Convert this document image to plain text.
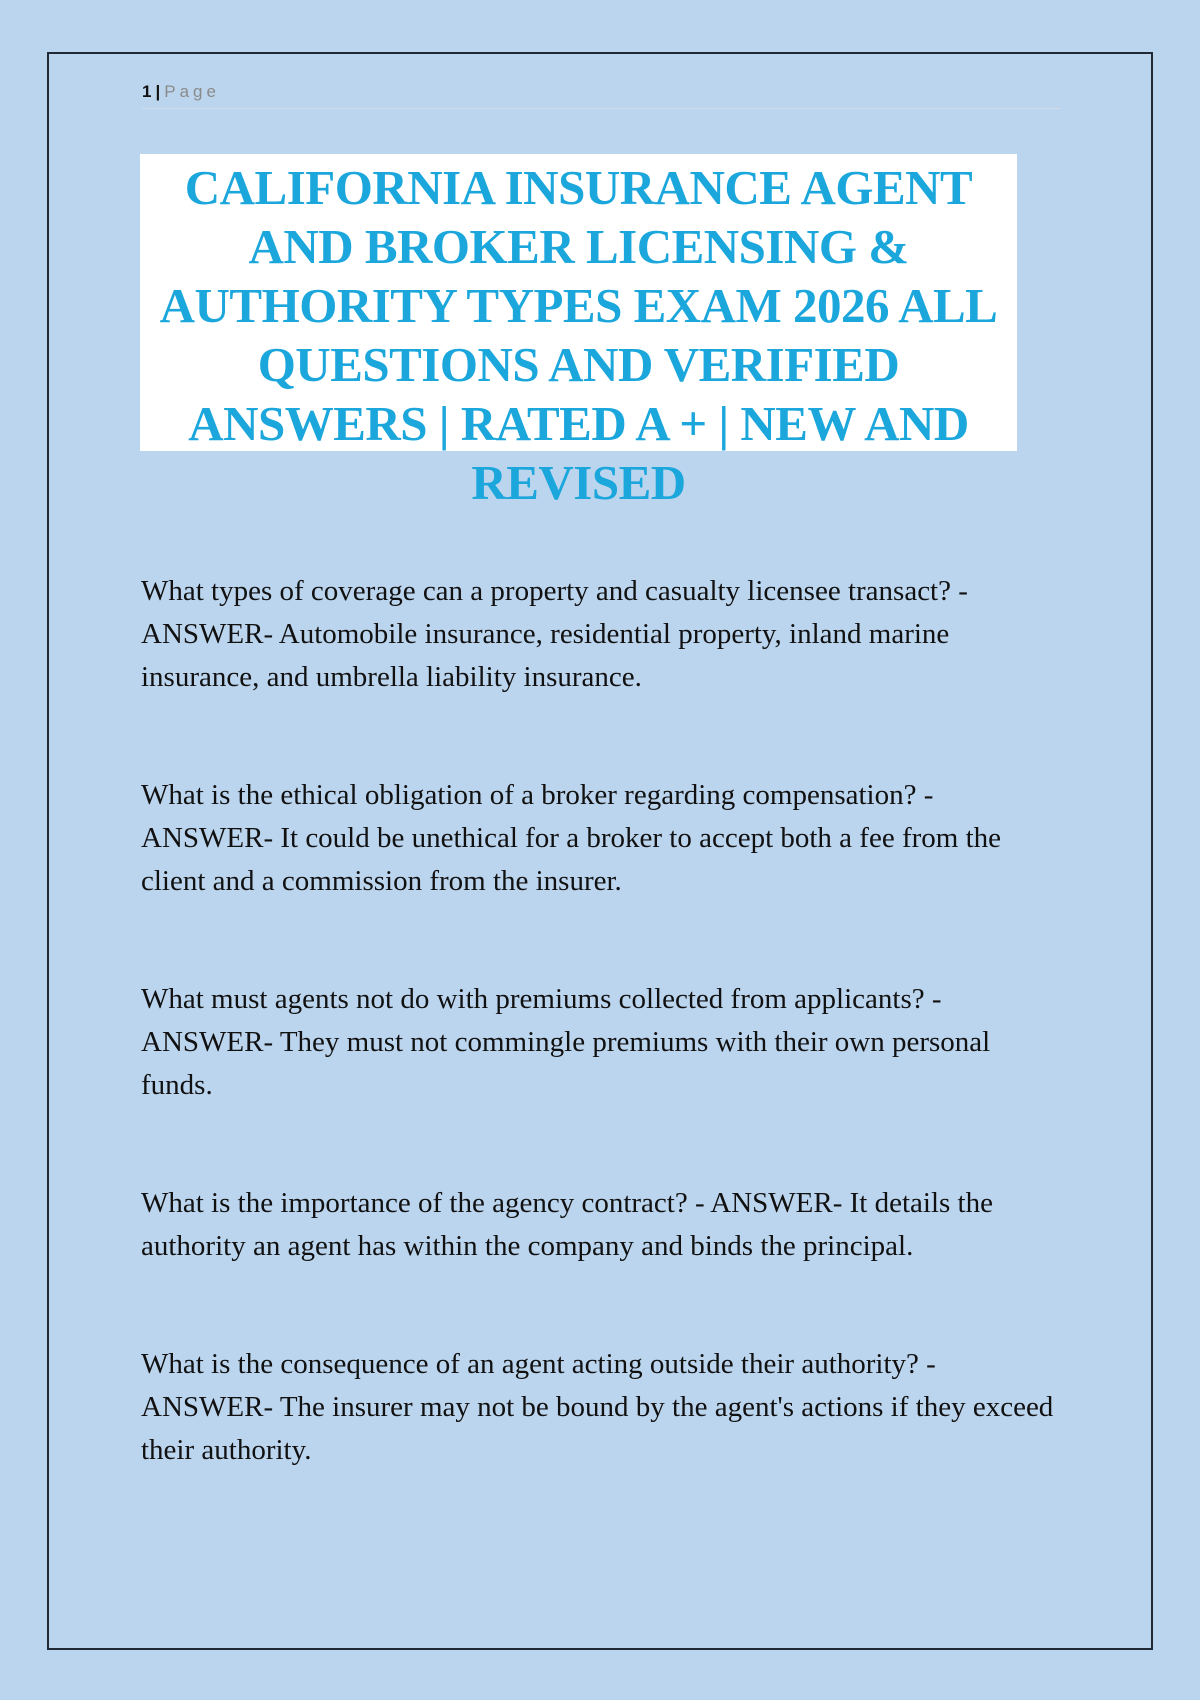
1 | Page
CALIFORNIA INSURANCE AGENT AND BROKER LICENSING & AUTHORITY TYPES EXAM 2026 ALL QUESTIONS AND VERIFIED ANSWERS | RATED A + | NEW AND REVISED

What types of coverage can a property and casualty licensee transact? - ANSWER- Automobile insurance, residential property, inland marine insurance, and umbrella liability insurance.

What is the ethical obligation of a broker regarding compensation? - ANSWER- It could be unethical for a broker to accept both a fee from the client and a commission from the insurer.

What must agents not do with premiums collected from applicants? - ANSWER- They must not commingle premiums with their own personal funds.

What is the importance of the agency contract? - ANSWER- It details the authority an agent has within the company and binds the principal.

What is the consequence of an agent acting outside their authority? - ANSWER- The insurer may not be bound by the agent's actions if they exceed their authority.
